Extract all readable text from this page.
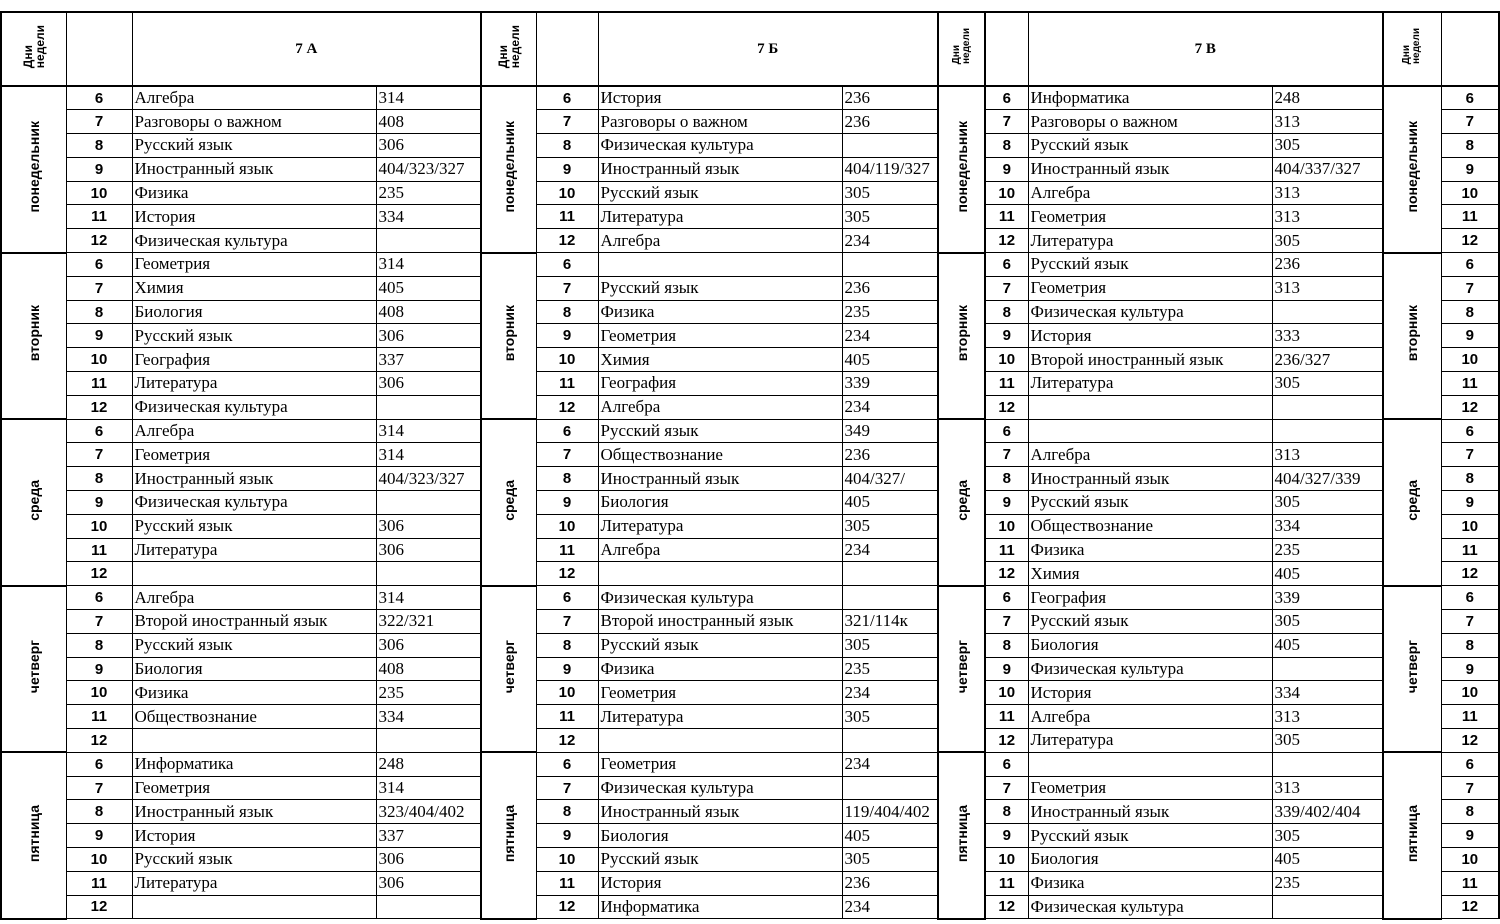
Днинедели		7 А		Днинедели		7 Б		Днинедели		7 В		Днинедели	
понедельник	6	Алгебра	314	понедельник	6	История	236	понедельник	6	Информатика	248	понедельник	6
	7	Разговоры о важном	408		7	Разговоры о важном	236		7	Разговоры о важном	313		7
	8	Русский язык	306		8	Физическая культура			8	Русский язык	305		8
	9	Иностранный язык	404/323/327		9	Иностранный язык	404/119/327		9	Иностранный язык	404/337/327		9
	10	Физика	235		10	Русский язык	305		10	Алгебра	313		10
	11	История	334		11	Литература	305		11	Геометрия	313		11
	12	Физическая культура			12	Алгебра	234		12	Литература	305		12
вторник	6	Геометрия	314	вторник	6			вторник	6	Русский язык	236	вторник	6
	7	Химия	405		7	Русский язык	236		7	Геометрия	313		7
	8	Биология	408		8	Физика	235		8	Физическая культура			8
	9	Русский язык	306		9	Геометрия	234		9	История	333		9
	10	География	337		10	Химия	405		10	Второй иностранный язык	236/327		10
	11	Литература	306		11	География	339		11	Литература	305		11
	12	Физическая культура			12	Алгебра	234		12				12
среда	6	Алгебра	314	среда	6	Русский язык	349	среда	6			среда	6
	7	Геометрия	314		7	Обществознание	236		7	Алгебра	313		7
	8	Иностранный язык	404/323/327		8	Иностранный язык	404/327/		8	Иностранный язык	404/327/339		8
	9	Физическая культура			9	Биология	405		9	Русский язык	305		9
	10	Русский язык	306		10	Литература	305		10	Обществознание	334		10
	11	Литература	306		11	Алгебра	234		11	Физика	235		11
	12				12				12	Химия	405		12
четверг	6	Алгебра	314	четверг	6	Физическая культура		четверг	6	География	339	четверг	6
	7	Второй иностранный язык	322/321		7	Второй иностранный язык	321/114к		7	Русский язык	305		7
	8	Русский язык	306		8	Русский язык	305		8	Биология	405		8
	9	Биология	408		9	Физика	235		9	Физическая культура			9
	10	Физика	235		10	Геометрия	234		10	История	334		10
	11	Обществознание	334		11	Литература	305		11	Алгебра	313		11
	12				12				12	Литература	305		12
пятница	6	Информатика	248	пятница	6	Геометрия	234	пятница	6			пятница	6
	7	Геометрия	314		7	Физическая культура			7	Геометрия	313		7
	8	Иностранный язык	323/404/402		8	Иностранный язык	119/404/402		8	Иностранный язык	339/402/404		8
	9	История	337		9	Биология	405		9	Русский язык	305		9
	10	Русский язык	306		10	Русский язык	305		10	Биология	405		10
	11	Литература	306		11	История	236		11	Физика	235		11
	12				12	Информатика	234		12	Физическая культура			12
